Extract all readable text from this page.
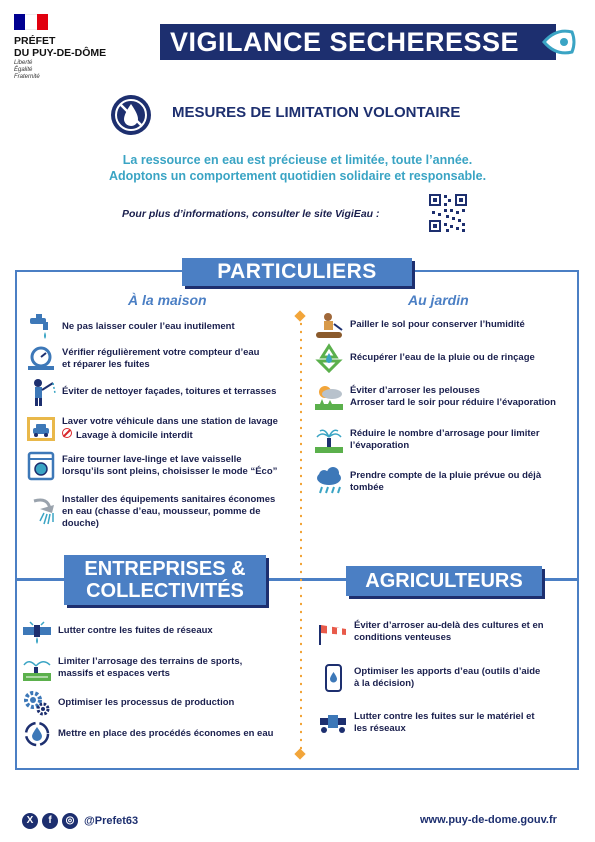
PRÉFET
DU PUY-DE-DÔME
Liberté
Égalité
Fraternité
VIGILANCE SECHERESSE
MESURES DE LIMITATION VOLONTAIRE
La ressource en eau est précieuse et limitée, toute l’année.
Adoptons un comportement quotidien solidaire et responsable.
Pour plus d’informations, consulter le site VigiEau :
PARTICULIERS
À la maison	Au jardin
Ne pas laisser couler l’eau inutilement
Vérifier régulièrement votre compteur d’eau
et réparer les fuites
Éviter de nettoyer façades, toitures et terrasses
Laver votre véhicule dans une station de lavage
Lavage à domicile interdit
Faire tourner lave-linge et lave vaisselle
lorsqu’ils sont pleins, choisisser le mode “Éco”
Installer des équipements sanitaires économes
en eau (chasse d’eau, mousseur, pomme de
douche)
Pailler le sol pour conserver l’humidité
Récupérer l’eau de la pluie ou de rinçage
Éviter d’arroser les pelouses
Arroser tard le soir pour réduire l’évaporation
Réduire le nombre d’arrosage pour limiter
l’évaporation
Prendre compte de la pluie prévue ou déjà
tombée
ENTREPRISES &
COLLECTIVITÉS
Lutter contre les fuites de réseaux
Limiter l’arrosage des terrains de sports,
massifs et espaces verts
Optimiser les processus de production
Mettre en place des procédés économes en eau
AGRICULTEURS
Éviter d’arroser au-delà des cultures et en
conditions venteuses
Optimiser les apports d’eau (outils d’aide
à la décision)
Lutter contre les fuites sur le matériel et
les réseaux
X	f	◎ @Prefet63	www.puy-de-dome.gouv.fr
